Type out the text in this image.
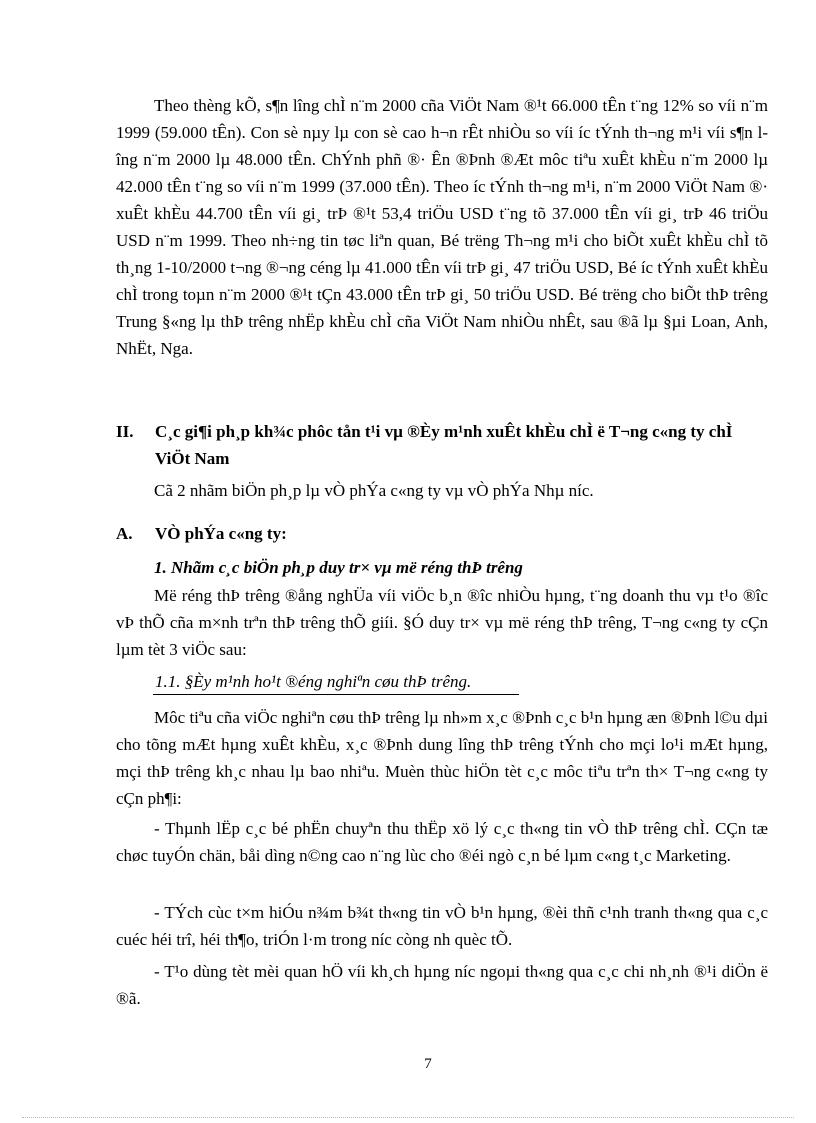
Theo thèng kÕ, s¶n lîng chÌ n¨m 2000 cña ViÖt Nam ®¹t 66.000 tÊn t¨ng 12% so víi n¨m 1999 (59.000 tÊn). Con sè nµy lµ con sè cao h¬n rÊt nhiÒu so víi íc tÝnh th¬ng m¹i víi s¶n lîng n¨m 2000 lµ 48.000 tÊn. ChÝnh phñ ®· Ên ®Þnh ®Æt môc tiªu xuÊt khÈu n¨m 2000 lµ 42.000 tÊn t¨ng so víi n¨m 1999 (37.000 tÊn). Theo íc tÝnh th¬ng m¹i, n¨m 2000 ViÖt Nam ®· xuÊt khÈu 44.700 tÊn víi gi¸ trÞ ®¹t 53,4 triÖu USD t¨ng tõ 37.000 tÊn víi gi¸ trÞ 46 triÖu USD n¨m 1999. Theo nh÷ng tin tøc liªn quan, Bé trëng Th¬ng m¹i cho biÕt xuÊt khÈu chÌ tõ th¸ng 1-10/2000 t¬ng ®¬ng céng lµ 41.000 tÊn víi trÞ gi¸ 47 triÖu USD, Bé íc tÝnh xuÊt khÈu chÌ trong toµn n¨m 2000 ®¹t tÇn 43.000 tÊn trÞ gi¸ 50 triÖu USD. Bé trëng cho biÕt thÞ trêng Trung §«ng lµ thÞ trêng nhËp khÈu chÌ cña ViÖt Nam nhiÒu nhÊt, sau ®ã lµ §µi Loan, Anh, NhËt, Nga.

II.	C¸c gi¶i ph¸p kh¾c phôc tån t¹i vµ ®Èy m¹nh xuÊt khÈu chÌ ë T¬ng c«ng ty chÌ ViÖt Nam

Cã 2 nhãm biÖn ph¸p lµ vÒ phÝa c«ng ty vµ vÒ phÝa Nhµ níc.

A.	VÒ phÝa c«ng ty:
1. Nhãm c¸c biÖn ph¸p duy tr× vµ më réng thÞ trêng

Më réng thÞ trêng ®ång nghÜa víi viÖc b¸n ®îc nhiÒu hµng, t¨ng doanh thu vµ t¹o ®îc vÞ thÕ cña m×nh trªn thÞ trêng thÕ giíi. §Ó duy tr× vµ më réng thÞ trêng, T¬ng c«ng ty cÇn lµm tèt 3 viÖc sau:

1.1. §Èy m¹nh ho¹t ®éng nghiªn cøu thÞ trêng.

Môc tiªu cña viÖc nghiªn cøu thÞ trêng lµ nh»m x¸c ®Þnh c¸c b¹n hµng æn ®Þnh l©u dµi cho tõng mÆt hµng xuÊt khÈu, x¸c ®Þnh dung lîng thÞ trêng tÝnh cho mçi lo¹i mÆt hµng, mçi thÞ trêng kh¸c nhau lµ bao nhiªu. Muèn thùc hiÖn tèt c¸c môc tiªu trªn th× T¬ng c«ng ty cÇn ph¶i:

- Thµnh lËp c¸c bé phËn chuyªn thu thËp xö lý c¸c th«ng tin vÒ thÞ trêng chÌ. CÇn tæ chøc tuyÓn chän, båi dìng n©ng cao n¨ng lùc cho ®éi ngò c¸n bé lµm c«ng t¸c Marketing.

- TÝch cùc t×m hiÓu n¾m b¾t th«ng tin vÒ b¹n hµng, ®èi thñ c¹nh tranh th«ng qua c¸c cuéc héi trî, héi th¶o, triÓn l·m trong níc còng nh quèc tÕ.

- T¹o dùng tèt mèi quan hÖ víi kh¸ch hµng níc ngoµi th«ng qua c¸c chi nh¸nh ®¹i diÖn ë ®ã.

7
